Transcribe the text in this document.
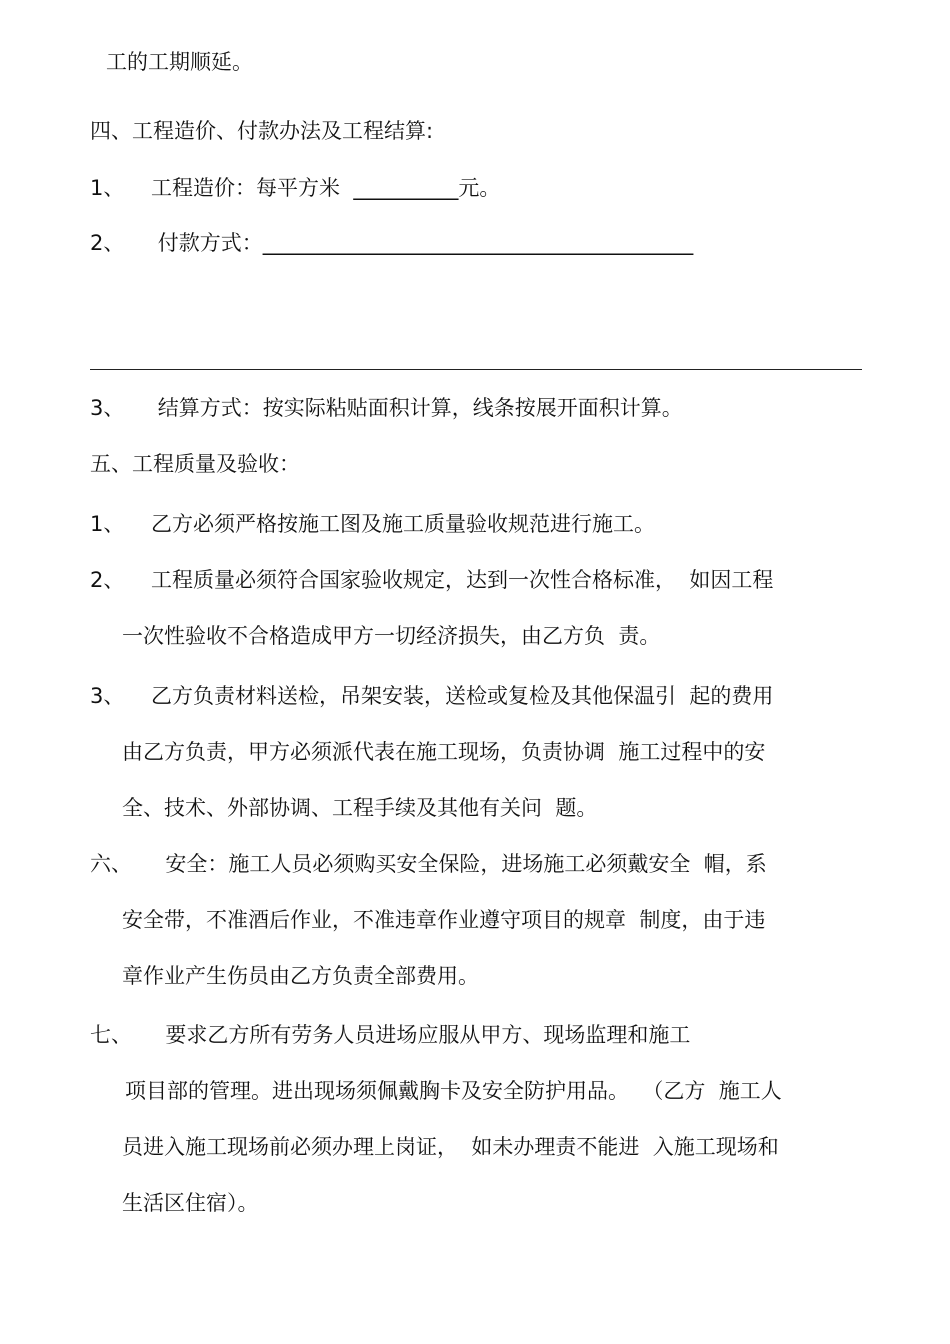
工的工期顺延。
四、工程造价、付款办法及工程结算:
1、    工程造价：每平方米  __________元。
2、     付款方式：_________________________________________
3、     结算方式：按实际粘贴面积计算，线条按展开面积计算。
五、工程质量及验收：
1、    乙方必须严格按施工图及施工质量验收规范进行施工。
2、    工程质量必须符合国家验收规定，达到一次性合格标准，  如因工程
一次性验收不合格造成甲方一切经济损失，由乙方负  责。
3、    乙方负责材料送检，吊架安装，送检或复检及其他保温引  起的费用
由乙方负责，甲方必须派代表在施工现场，负责协调  施工过程中的安
全、技术、外部协调、工程手续及其他有关问  题。
六、     安全：施工人员必须购买安全保险，进场施工必须戴安全  帽，系
安全带，不准酒后作业，不准违章作业遵守项目的规章  制度，由于违
章作业产生伤员由乙方负责全部费用。
七、     要求乙方所有劳务人员进场应服从甲方、现场监理和施工
项目部的管理。进出现场须佩戴胸卡及安全防护用品。  （乙方  施工人
员进入施工现场前必须办理上岗证，  如未办理责不能进  入施工现场和
生活区住宿）。
